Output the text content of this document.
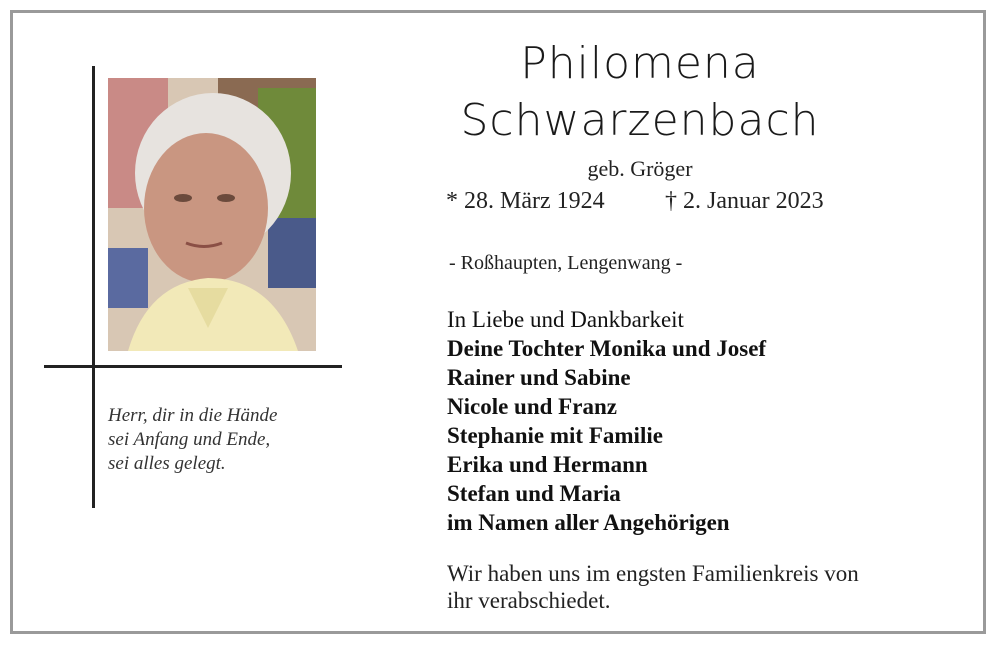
Herr, dir in die Hände
sei Anfang und Ende,
sei alles gelegt.
Philomena
Schwarzenbach
geb. Gröger
* 28. März 1924	† 2. Januar 2023
- Roßhaupten, Lengenwang -
In Liebe und Dankbarkeit
Deine Tochter Monika und Josef
Rainer und Sabine
Nicole und Franz
Stephanie mit Familie
Erika und Hermann
Stefan und Maria
im Namen aller Angehörigen
Wir haben uns im engsten Familienkreis von
ihr verabschiedet.
